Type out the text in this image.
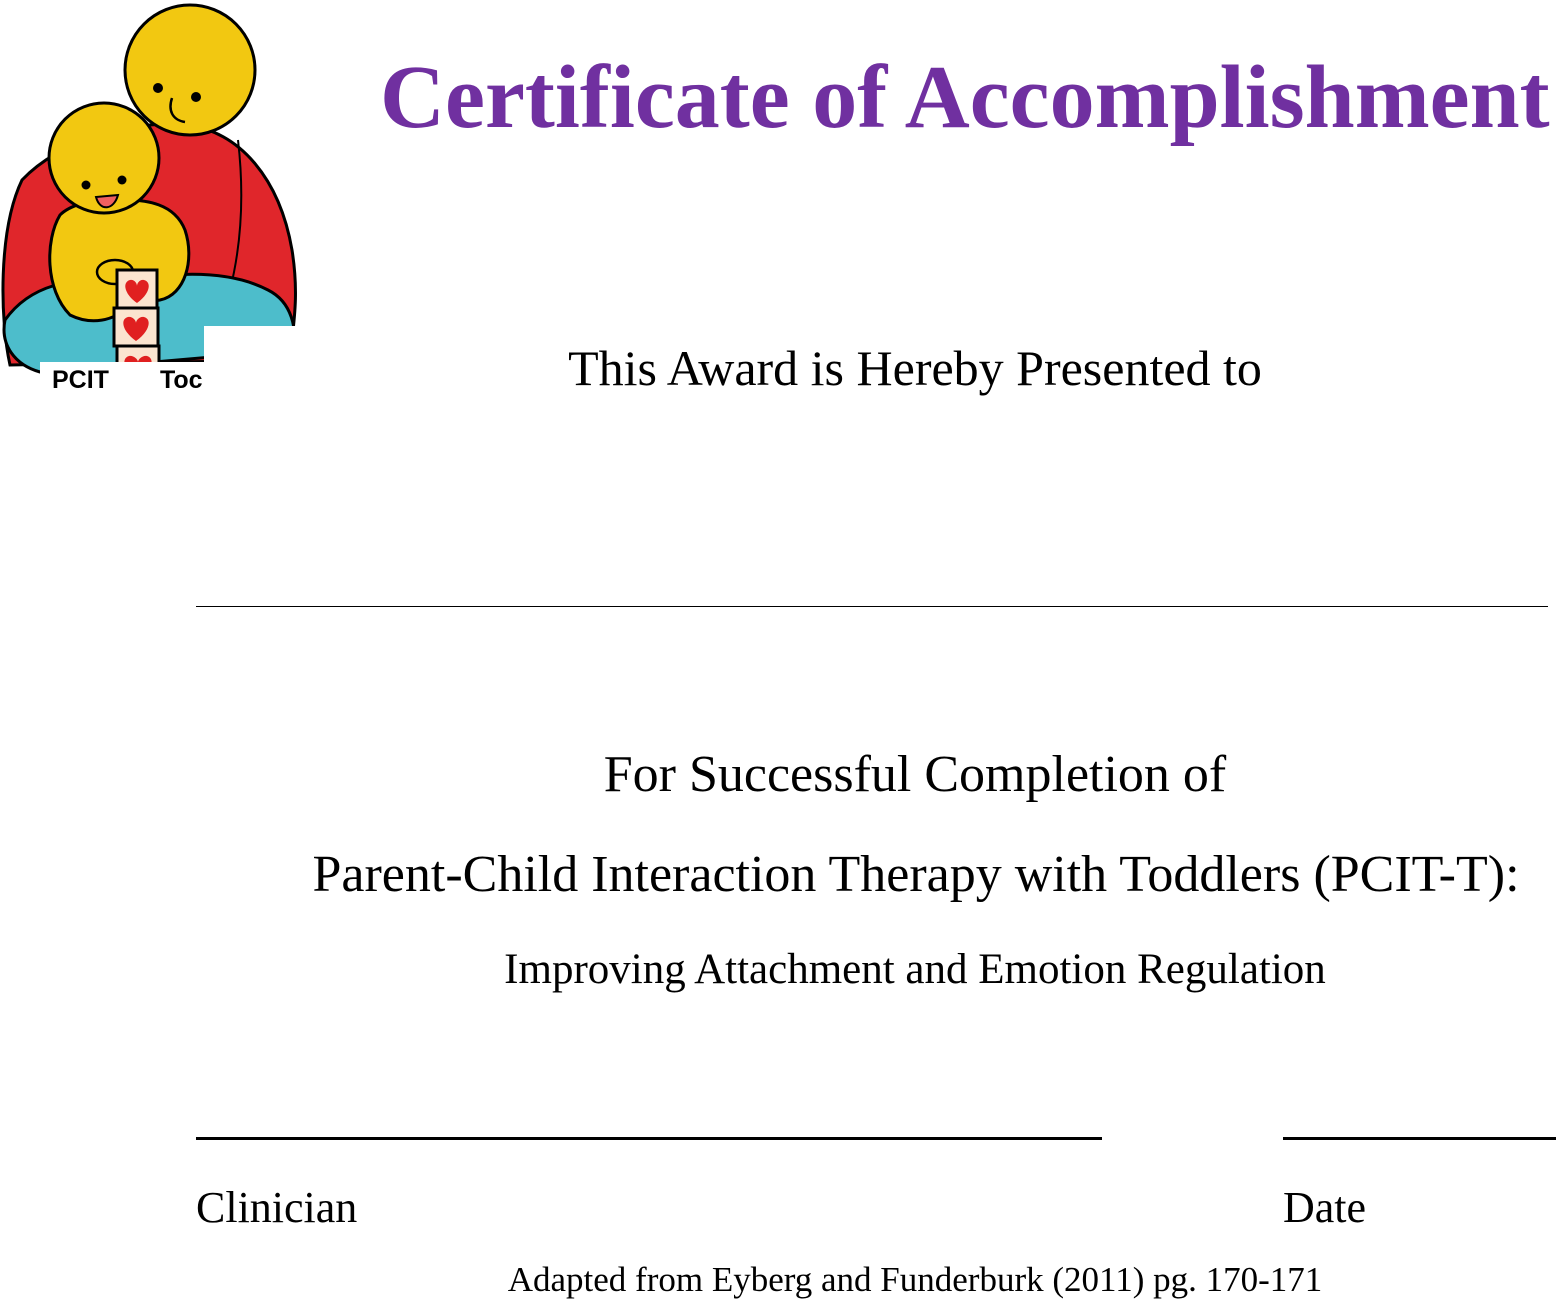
PCIT Toc
Certificate of Accomplishment
This Award is Hereby Presented to
For Successful Completion of
Parent-Child Interaction Therapy with Toddlers (PCIT-T):
Improving Attachment and Emotion Regulation
Clinician	Date
Adapted from Eyberg and Funderburk (2011) pg. 170-171
